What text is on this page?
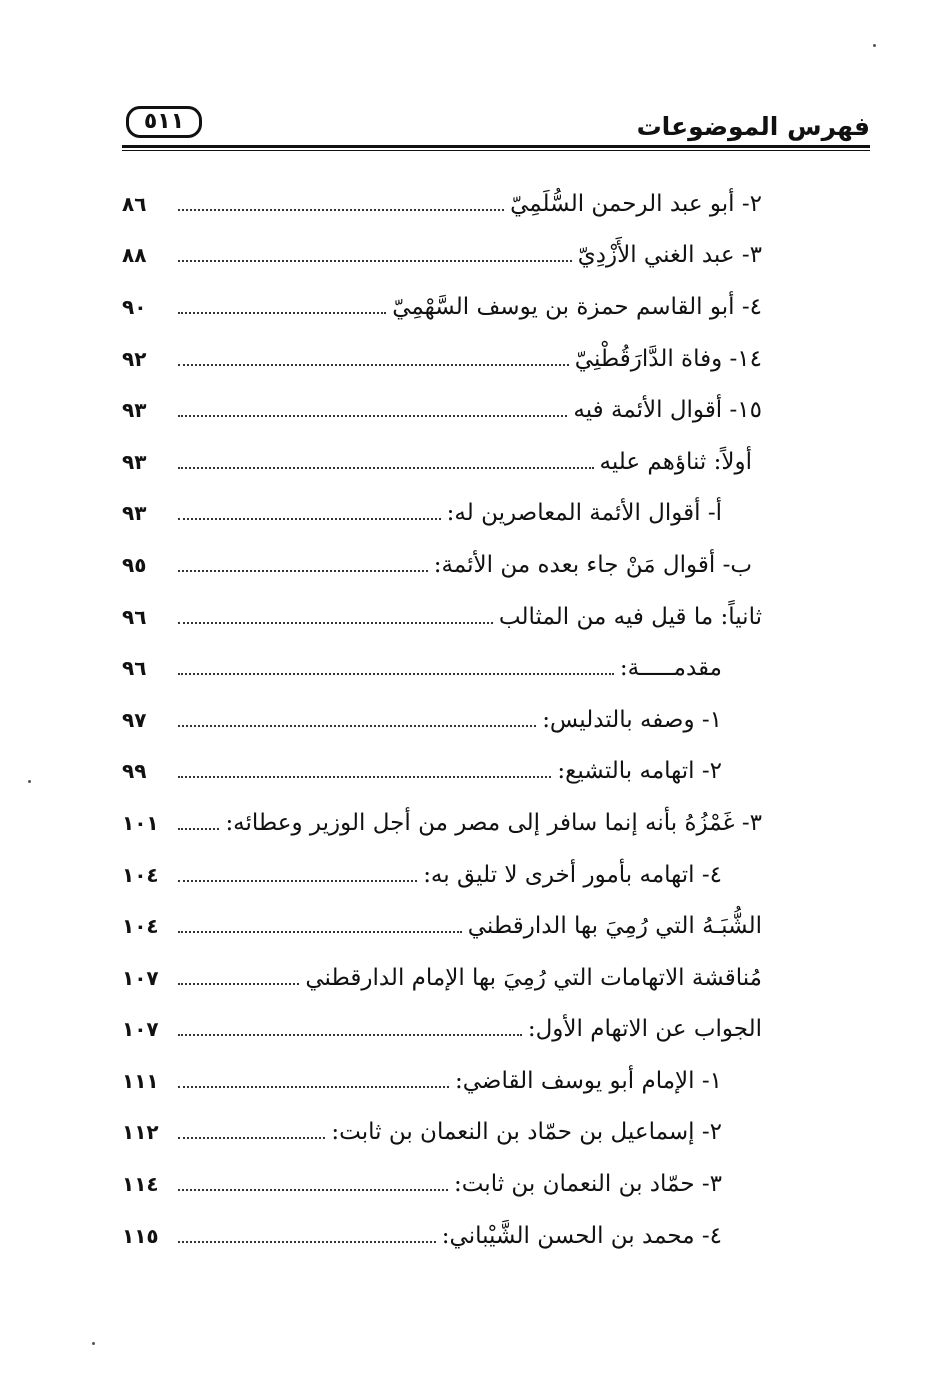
فهرس الموضوعات
٥١١
٢- أبو عبد الرحمن السُّلَمِيّ
٨٦
٣- عبد الغني الأَزْدِيّ
٨٨
٤- أبو القاسم حمزة بن يوسف السَّهْمِيّ
٩٠
١٤- وفاة الدَّارَقُطْنِيّ
٩٢
١٥- أقوال الأئمة فيه
٩٣
أولاً: ثناؤهم عليه
٩٣
أ- أقوال الأئمة المعاصرين له:
٩٣
ب- أقوال مَنْ جاء بعده من الأئمة:
٩٥
ثانياً: ما قيل فيه من المثالب
٩٦
مقدمـــــة:
٩٦
١- وصفه بالتدليس:
٩٧
٢- اتهامه بالتشيع:
٩٩
٣- غَمْزُهُ بأنه إنما سافر إلى مصر من أجل الوزير وعطائه:
١٠١
٤- اتهامه بأمور أخرى لا تليق به:
١٠٤
الشُّبَـهُ التي رُمِيَ بها الدارقطني
١٠٤
مُناقشة الاتهامات التي رُمِيَ بها الإمام الدارقطني
١٠٧
الجواب عن الاتهام الأول:
١٠٧
١- الإمام أبو يوسف القاضي:
١١١
٢- إسماعيل بن حمّاد بن النعمان بن ثابت:
١١٢
٣- حمّاد بن النعمان بن ثابت:
١١٤
٤- محمد بن الحسن الشَّيْباني:
١١٥
